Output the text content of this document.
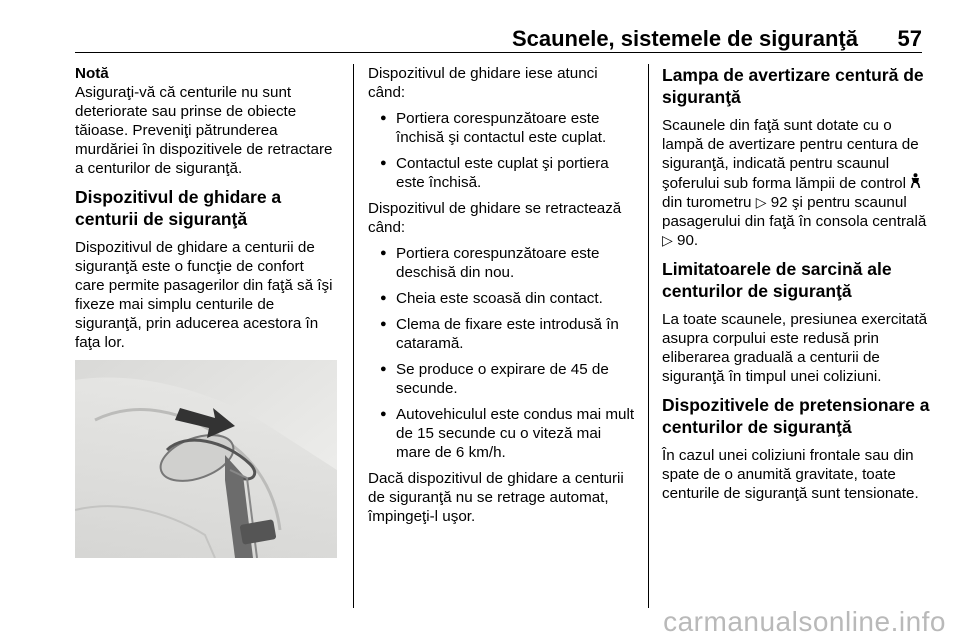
Scaunele, sistemele de siguranţă 57
Notă
Asiguraţi-vă că centurile nu sunt deteriorate sau prinse de obiecte tăioase. Preveniţi pătrunderea murdăriei în dispozitivele de retractare a centurilor de siguranţă.
Dispozitivul de ghidare a centurii de siguranţă

Dispozitivul de ghidare a centurii de siguranţă este o funcţie de confort care permite pasagerilor din faţă să îşi fixeze mai simplu centurile de siguranţă, prin aducerea acestora în faţa lor.

Dispozitivul de ghidare iese atunci când:

● Portiera corespunzătoare este închisă şi contactul este cuplat.
● Contactul este cuplat şi portiera este închisă.

Dispozitivul de ghidare se retractează când:

● Portiera corespunzătoare este deschisă din nou.
● Cheia este scoasă din contact.
● Clema de fixare este introdusă în cataramă.
● Se produce o expirare de 45 de secunde.
● Autovehiculul este condus mai mult de 15 secunde cu o viteză mai mare de 6 km/h.

Dacă dispozitivul de ghidare a centurii de siguranţă nu se retrage automat, împingeţi-l uşor.

Lampa de avertizare centură de siguranţă

Scaunele din faţă sunt dotate cu o lampă de avertizare pentru centura de siguranţă, indicată pentru scaunul şoferului sub forma lămpii de control  din turometru ▷ 92 şi pentru scaunul pasagerului din faţă în consola centrală ▷ 90.

Limitatoarele de sarcină ale centurilor de siguranţă

La toate scaunele, presiunea exercitată asupra corpului este redusă prin eliberarea graduală a centurii de siguranţă în timpul unei coliziuni.

Dispozitivele de pretensionare a centurilor de siguranţă

În cazul unei coliziuni frontale sau din spate de o anumită gravitate, toate centurile de siguranţă sunt tensionate.

carmanualsonline.info
